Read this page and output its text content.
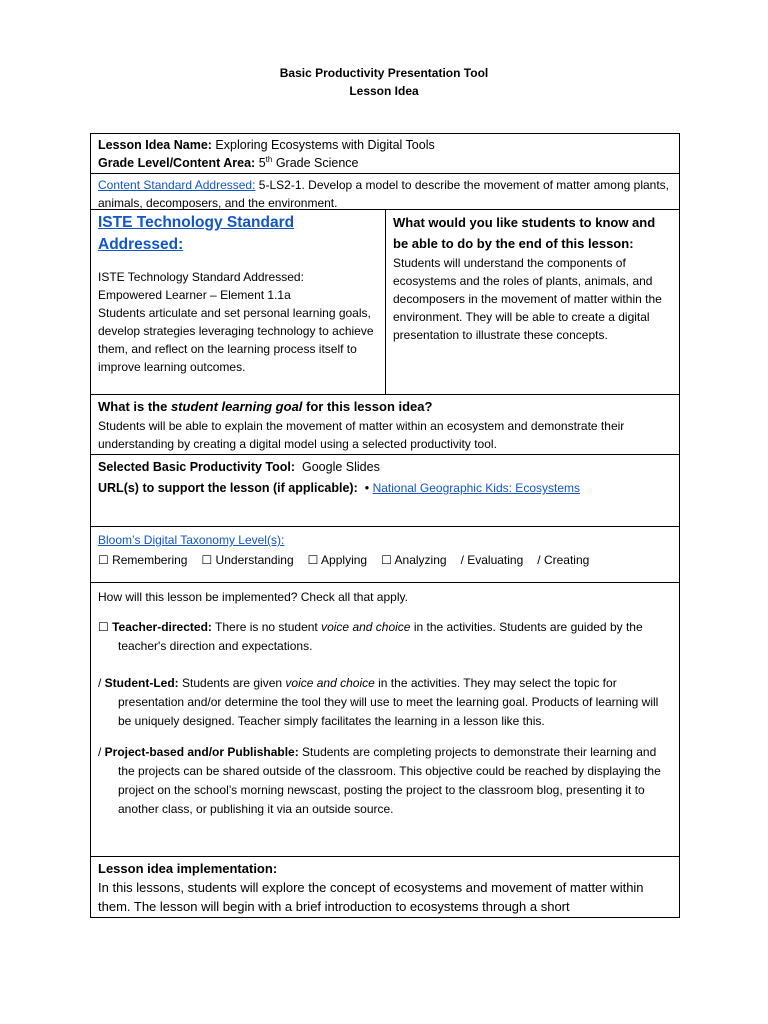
Basic Productivity Presentation Tool
Lesson Idea
Lesson Idea Name: Exploring Ecosystems with Digital Tools
Grade Level/Content Area: 5th Grade Science
Content Standard Addressed: 5-LS2-1. Develop a model to describe the movement of matter among plants, animals, decomposers, and the environment.
ISTE Technology Standard Addressed:
ISTE Technology Standard Addressed:
Empowered Learner – Element 1.1a
Students articulate and set personal learning goals, develop strategies leveraging technology to achieve them, and reflect on the learning process itself to improve learning outcomes.
What would you like students to know and be able to do by the end of this lesson:
Students will understand the components of ecosystems and the roles of plants, animals, and decomposers in the movement of matter within the environment. They will be able to create a digital presentation to illustrate these concepts.
What is the student learning goal for this lesson idea?
Students will be able to explain the movement of matter within an ecosystem and demonstrate their understanding by creating a digital model using a selected productivity tool.
Selected Basic Productivity Tool: Google Slides
URL(s) to support the lesson (if applicable): • National Geographic Kids: Ecosystems
Bloom’s Digital Taxonomy Level(s):
☐ Remembering ☐ Understanding ☐ Applying ☐ Analyzing / Evaluating / Creating
How will this lesson be implemented? Check all that apply.
☐ Teacher-directed: There is no student voice and choice in the activities. Students are guided by the teacher's direction and expectations.
/ Student-Led: Students are given voice and choice in the activities. They may select the topic for presentation and/or determine the tool they will use to meet the learning goal. Products of learning will be uniquely designed. Teacher simply facilitates the learning in a lesson like this.
/ Project-based and/or Publishable: Students are completing projects to demonstrate their learning and the projects can be shared outside of the classroom. This objective could be reached by displaying the project on the school’s morning newscast, posting the project to the classroom blog, presenting it to another class, or publishing it via an outside source.
Lesson idea implementation:
In this lessons, students will explore the concept of ecosystems and movement of matter within them. The lesson will begin with a brief introduction to ecosystems through a short
